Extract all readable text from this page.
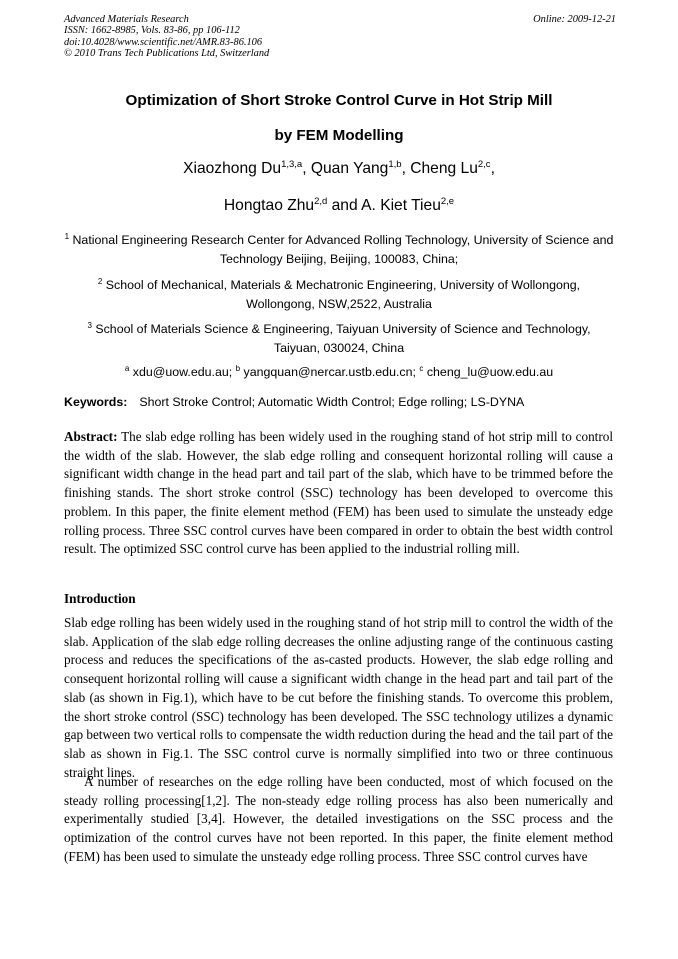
Advanced Materials Research
ISSN: 1662-8985, Vols. 83-86, pp 106-112
doi:10.4028/www.scientific.net/AMR.83-86.106
© 2010 Trans Tech Publications Ltd, Switzerland
Online: 2009-12-21
Optimization of Short Stroke Control Curve in Hot Strip Mill
by FEM Modelling
Xiaozhong Du$^{1,3,a}$, Quan Yang$^{1,b}$, Cheng Lu$^{2,c}$,
Hongtao Zhu$^{2,d}$ and A. Kiet Tieu$^{2,e}$
$^1$ National Engineering Research Center for Advanced Rolling Technology, University of Science and Technology Beijing, Beijing, 100083, China;
$^2$ School of Mechanical, Materials & Mechatronic Engineering, University of Wollongong, Wollongong, NSW,2522, Australia
$^3$ School of Materials Science & Engineering, Taiyuan University of Science and Technology, Taiyuan, 030024, China
$^a$ xdu@uow.edu.au; $^b$ yangquan@nercar.ustb.edu.cn; $^c$ cheng_lu@uow.edu.au
Keywords: Short Stroke Control; Automatic Width Control; Edge rolling; LS-DYNA

Abstract: The slab edge rolling has been widely used in the roughing stand of hot strip mill to control the width of the slab. However, the slab edge rolling and consequent horizontal rolling will cause a significant width change in the head part and tail part of the slab, which have to be trimmed before the finishing stands. The short stroke control (SSC) technology has been developed to overcome this problem. In this paper, the finite element method (FEM) has been used to simulate the unsteady edge rolling process. Three SSC control curves have been compared in order to obtain the best width control result. The optimized SSC control curve has been applied to the industrial rolling mill.

Introduction

Slab edge rolling has been widely used in the roughing stand of hot strip mill to control the width of the slab. Application of the slab edge rolling decreases the online adjusting range of the continuous casting process and reduces the specifications of the as-casted products. However, the slab edge rolling and consequent horizontal rolling will cause a significant width change in the head part and tail part of the slab (as shown in Fig.1), which have to be cut before the finishing stands. To overcome this problem, the short stroke control (SSC) technology has been developed. The SSC technology utilizes a dynamic gap between two vertical rolls to compensate the width reduction during the head and the tail part of the slab as shown in Fig.1. The SSC control curve is normally simplified into two or three continuous straight lines.

A number of researches on the edge rolling have been conducted, most of which focused on the steady rolling processing[1,2]. The non-steady edge rolling process has also been numerically and experimentally studied [3,4]. However, the detailed investigations on the SSC process and the optimization of the control curves have not been reported. In this paper, the finite element method (FEM) has been used to simulate the unsteady edge rolling process. Three SSC control curves have
